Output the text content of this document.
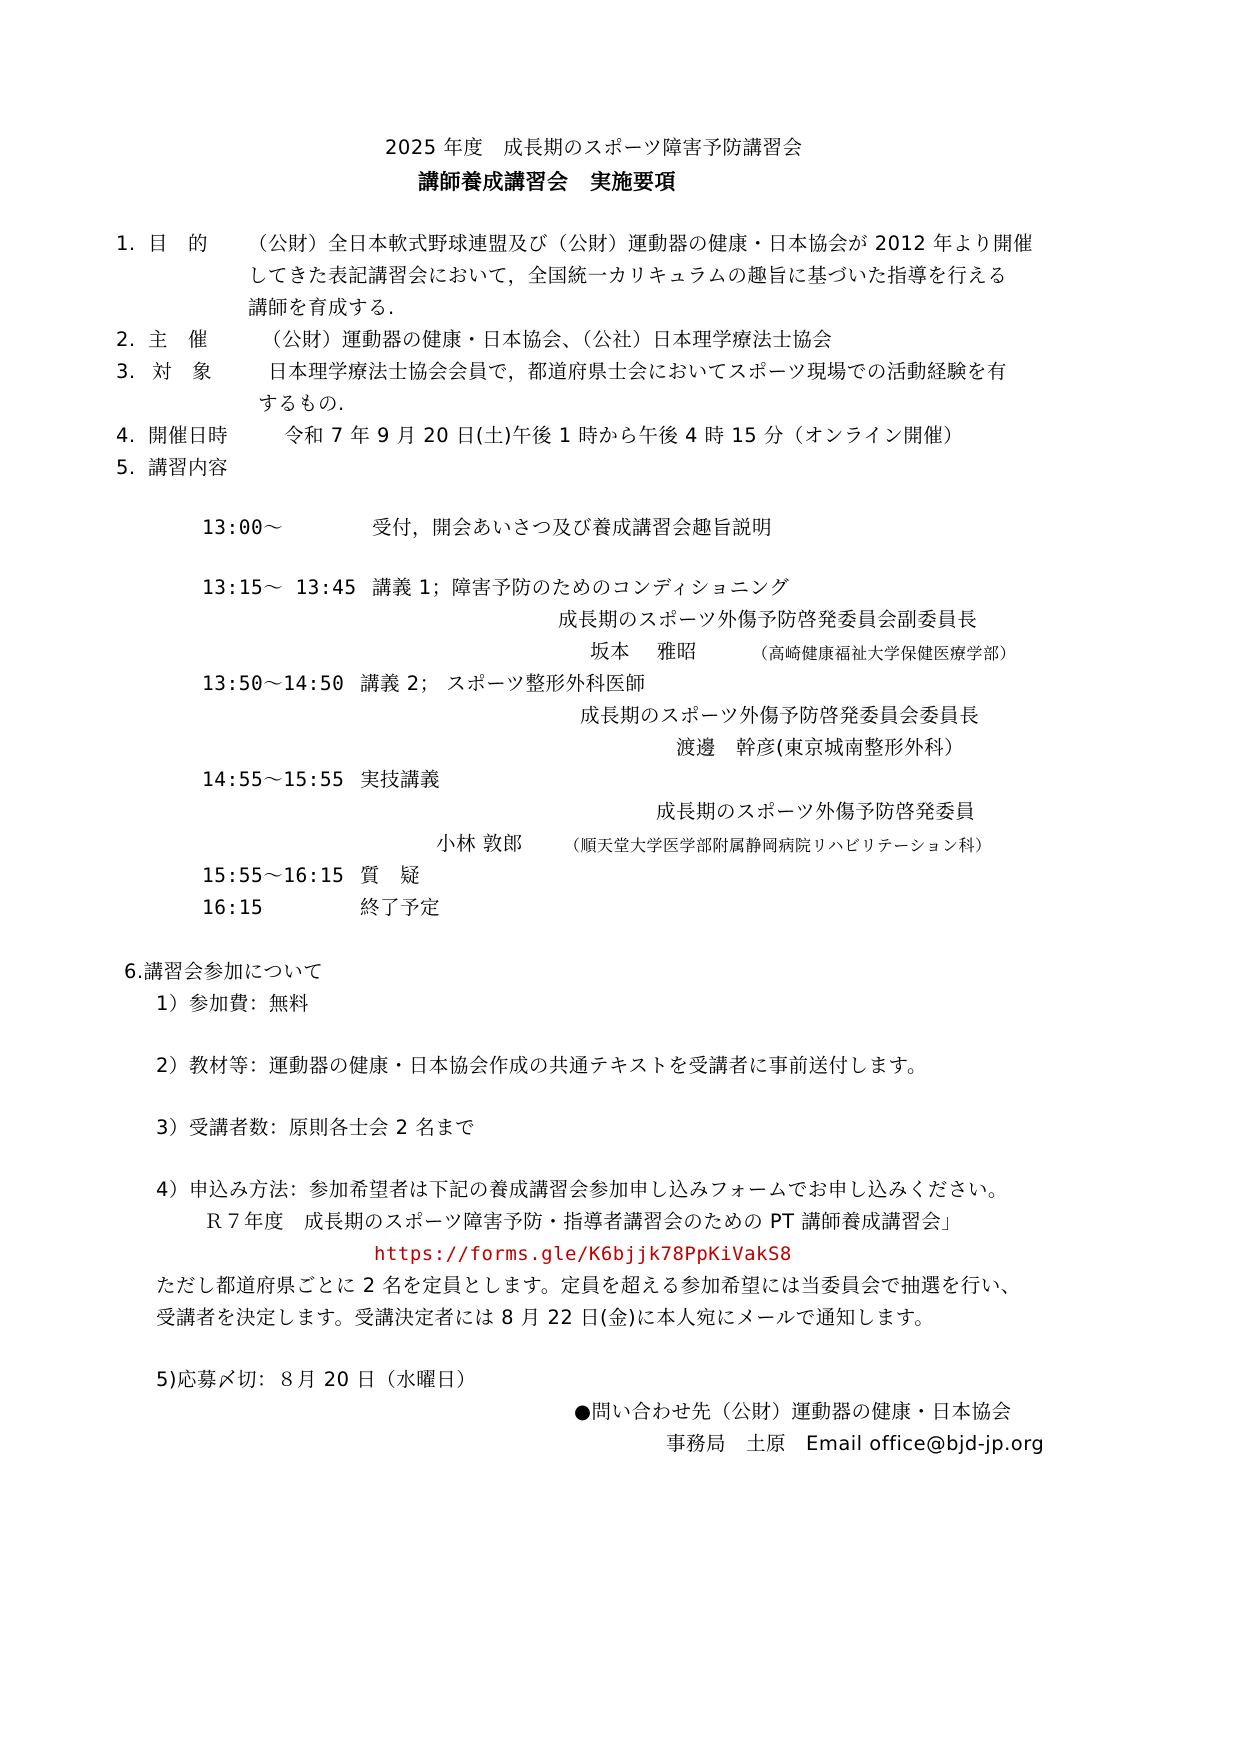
2025 年度　成長期のスポーツ障害予防講習会
講師養成講習会　実施要項
1. 目　的 （公財）全日本軟式野球連盟及び（公財）運動器の健康・日本協会が 2012 年より開催
してきた表記講習会において，全国統一カリキュラムの趣旨に基づいた指導を行える
講師を育成する.
2. 主　催	（公財）運動器の健康・日本協会、（公社）日本理学療法士協会
3. 対　象	日本理学療法士協会会員で，都道府県士会においてスポーツ現場での活動経験を有
するもの.
4. 開催日時	令和 7 年 9 月 20 日(土)午後 1 時から午後 4 時 15 分（オンライン開催）
5. 講習内容
13:00～	受付，開会あいさつ及び養成講習会趣旨説明
13:15～ 13:45 講義 1；障害予防のためのコンディショニング
成長期のスポーツ外傷予防啓発委員会副委員長
坂本　 雅昭	（高崎健康福祉大学保健医療学部）
13:50～14:50 講義 2； スポーツ整形外科医師
成長期のスポーツ外傷予防啓発委員会委員長
渡邊　幹彦(東京城南整形外科）
14:55～15:55 実技講義
成長期のスポーツ外傷予防啓発委員
小林 敦郎	（順天堂大学医学部附属静岡病院リハビリテーション科）
15:55～16:15 質　疑
16:15	終了予定
6.講習会参加について
1）参加費：無料
2）教材等：運動器の健康・日本協会作成の共通テキストを受講者に事前送付します。
3）受講者数：原則各士会 2 名まで
4）申込み方法：参加希望者は下記の養成講習会参加申し込みフォームでお申し込みください。
Ｒ７年度　成長期のスポーツ障害予防・指導者講習会のための PT 講師養成講習会」
https://forms.gle/K6bjjk78PpKiVakS8
ただし都道府県ごとに 2 名を定員とします。定員を超える参加希望には当委員会で抽選を行い、
受講者を決定します。受講決定者には 8 月 22 日(金)に本人宛にメールで通知します。
5)応募〆切：８月 20 日（水曜日）
●問い合わせ先（公財）運動器の健康・日本協会
事務局　土原　Email office@bjd-jp.org
